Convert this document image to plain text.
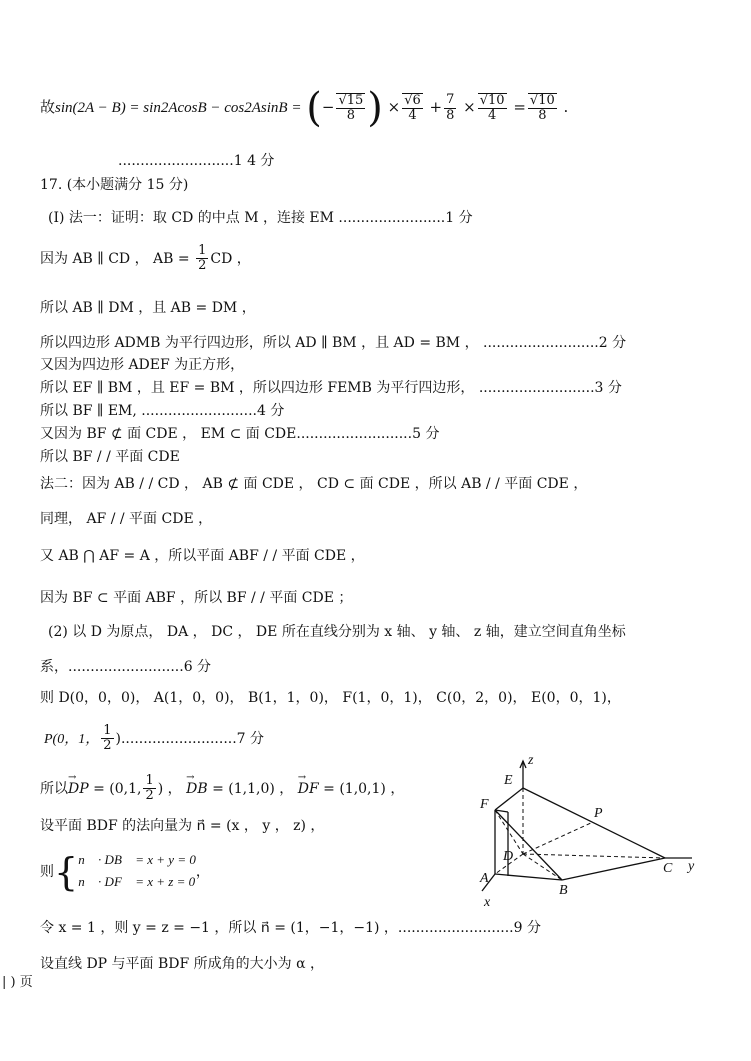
故sin(2A − B) = sin2AcosB − cos2AsinB = (− $\frac{√15}{8}$ ) × $\frac{√6}{4} + \frac{7}{8} \times \frac{√10}{4} = \frac{√10}{8}$ .
..........................1 4 分
17. (本小题满分 15 分)
(I) 法一：证明：取 CD 的中点 M ，连接 EM ........................1 分
因为 AB ∥ CD ， AB = $\frac{1}{2}$ CD ，
所以 AB ∥ DM ，且 AB = DM ，
所以四边形 ADMB 为平行四边形，所以 AD ∥ BM ，且 AD = BM ， ..........................2 分
又因为四边形 ADEF 为正方形，
所以 EF ∥ BM ，且 EF = BM ，所以四边形 FEMB 为平行四边形， ..........................3 分
所以 BF ∥ EM, ..........................4 分
又因为 BF ⊄ 面 CDE ， EM ⊂ 面 CDE..........................5 分
所以 BF / / 平面 CDE
法二：因为 AB / / CD ， AB ⊄ 面 CDE ， CD ⊂ 面 CDE ，所以 AB / / 平面 CDE ，
同理， AF / / 平面 CDE ，
又 AB ⋂ AF = A ，所以平面 ABF / / 平面 CDE ，
因为 BF ⊂ 平面 ABF ，所以 BF / / 平面 CDE ；
(2) 以 D 为原点， DA ， DC ， DE 所在直线分别为 x 轴、 y 轴、 z 轴，建立空间直角坐标
系，..........................6 分
则 D(0，0，0)， A(1，0，0)， B(1，1，0)， F(1，0，1)， C(0，2，0)， E(0，0，1)，
P(0，1， $\frac{1}{2} )..........................7$ 分
所以→ DP = (0,1, $\frac{1}{2}$ ) ， → DB = (1,1,0) ， → DF = (1,0,1) ，
设平面 BDF 的法向量为 n⃗ = (x ， y ， z) ，
则{n⃗ · DB⃗ = x + y = 0
n⃗ · DF⃗ = x + z = 0，
令 x = 1 ，则 y = z = −1 ，所以 n⃗ = (1，−1，−1) ，..........................9 分
设直线 DP 与平面 BDF 所成角的大小为 α ，
| ) 页
z
E
F
P
D
A
B
C y
x
